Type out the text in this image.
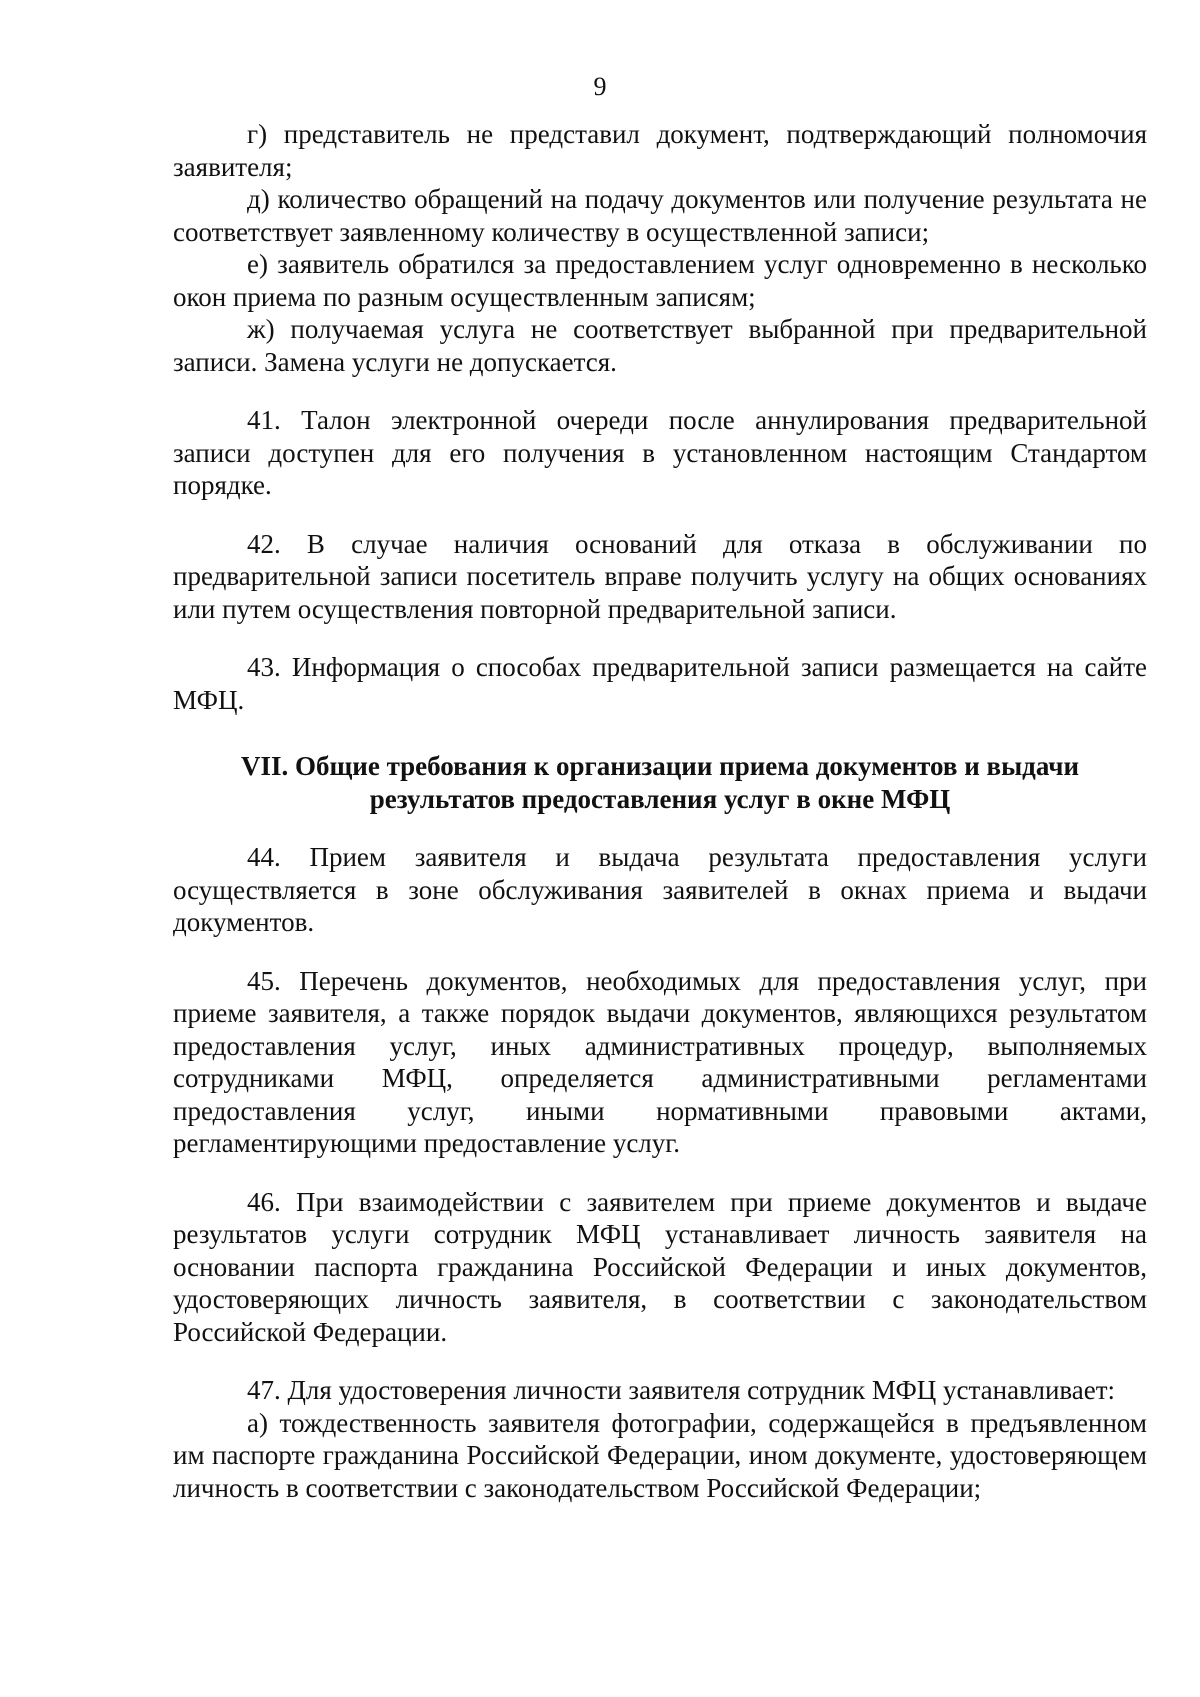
9

г) представитель не представил документ, подтверждающий полномочия заявителя;

д) количество обращений на подачу документов или получение результата не соответствует заявленному количеству в осуществленной записи;

е) заявитель обратился за предоставлением услуг одновременно в несколько окон приема по разным осуществленным записям;

ж) получаемая услуга не соответствует выбранной при предварительной записи. Замена услуги не допускается.

41. Талон электронной очереди после аннулирования предварительной записи доступен для его получения в установленном настоящим Стандартом порядке.

42. В случае наличия оснований для отказа в обслуживании по предварительной записи посетитель вправе получить услугу на общих основаниях или путем осуществления повторной предварительной записи.

43. Информация о способах предварительной записи размещается на сайте МФЦ.

VII. Общие требования к организации приема документов и выдачи результатов предоставления услуг в окне МФЦ

44. Прием заявителя и выдача результата предоставления услуги осуществляется в зоне обслуживания заявителей в окнах приема и выдачи документов.

45. Перечень документов, необходимых для предоставления услуг, при приеме заявителя, а также порядок выдачи документов, являющихся результатом предоставления услуг, иных административных процедур, выполняемых сотрудниками МФЦ, определяется административными регламентами предоставления услуг, иными нормативными правовыми актами, регламентирующими предоставление услуг.

46. При взаимодействии с заявителем при приеме документов и выдаче результатов услуги сотрудник МФЦ устанавливает личность заявителя на основании паспорта гражданина Российской Федерации и иных документов, удостоверяющих личность заявителя, в соответствии с законодательством Российской Федерации.

47. Для удостоверения личности заявителя сотрудник МФЦ устанавливает:

а) тождественность заявителя фотографии, содержащейся в предъявленном им паспорте гражданина Российской Федерации, ином документе, удостоверяющем личность в соответствии с законодательством Российской Федерации;
